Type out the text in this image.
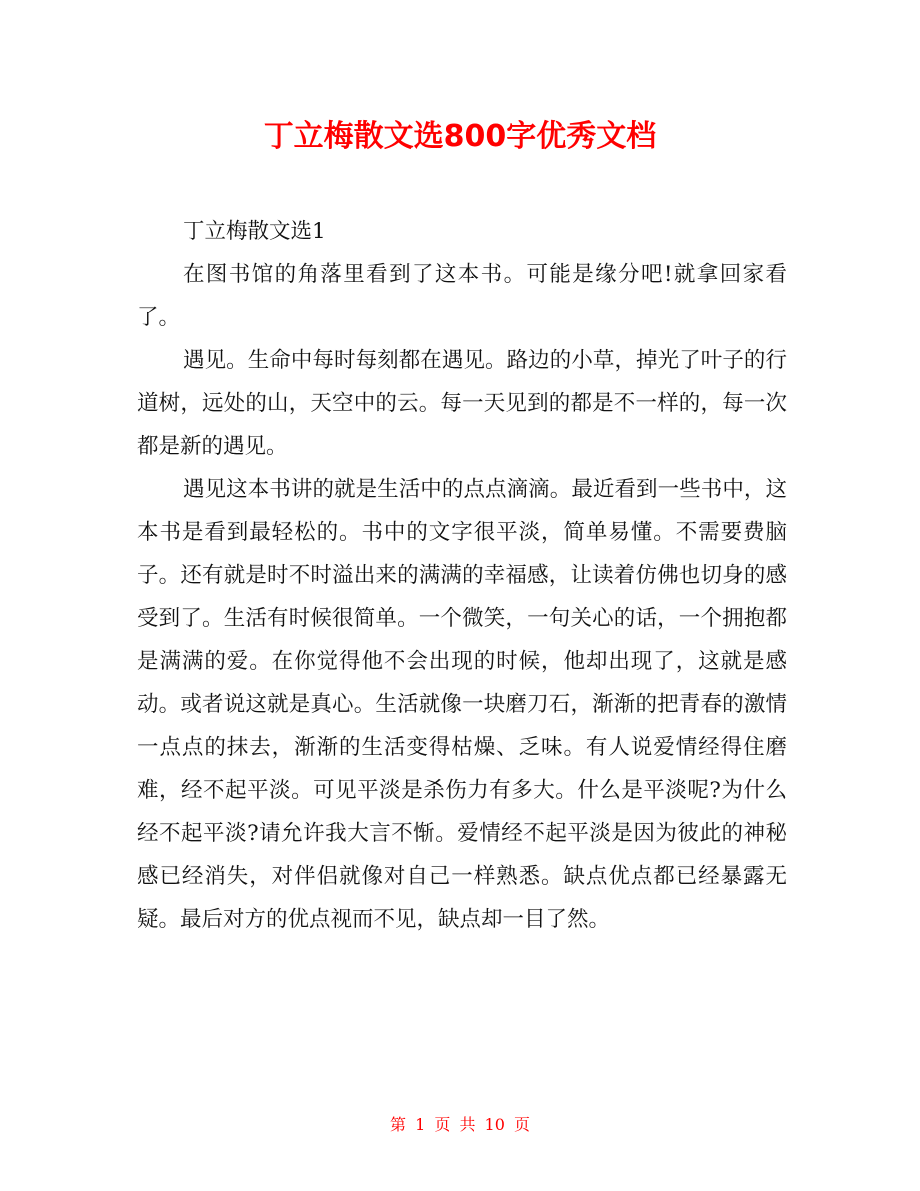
丁立梅散文选800字优秀文档

丁立梅散文选1

在图书馆的角落里看到了这本书。可能是缘分吧!就拿回家看了。

遇见。生命中每时每刻都在遇见。路边的小草，掉光了叶子的行道树，远处的山，天空中的云。每一天见到的都是不一样的，每一次都是新的遇见。

遇见这本书讲的就是生活中的点点滴滴。最近看到一些书中，这本书是看到最轻松的。书中的文字很平淡，简单易懂。不需要费脑子。还有就是时不时溢出来的满满的幸福感，让读着仿佛也切身的感受到了。生活有时候很简单。一个微笑，一句关心的话，一个拥抱都是满满的爱。在你觉得他不会出现的时候，他却出现了，这就是感动。或者说这就是真心。生活就像一块磨刀石，渐渐的把青春的激情一点点的抹去，渐渐的生活变得枯燥、乏味。有人说爱情经得住磨难，经不起平淡。可见平淡是杀伤力有多大。什么是平淡呢?为什么经不起平淡?请允许我大言不惭。爱情经不起平淡是因为彼此的神秘感已经消失，对伴侣就像对自己一样熟悉。缺点优点都已经暴露无疑。最后对方的优点视而不见，缺点却一目了然。

第 1 页 共 10 页
